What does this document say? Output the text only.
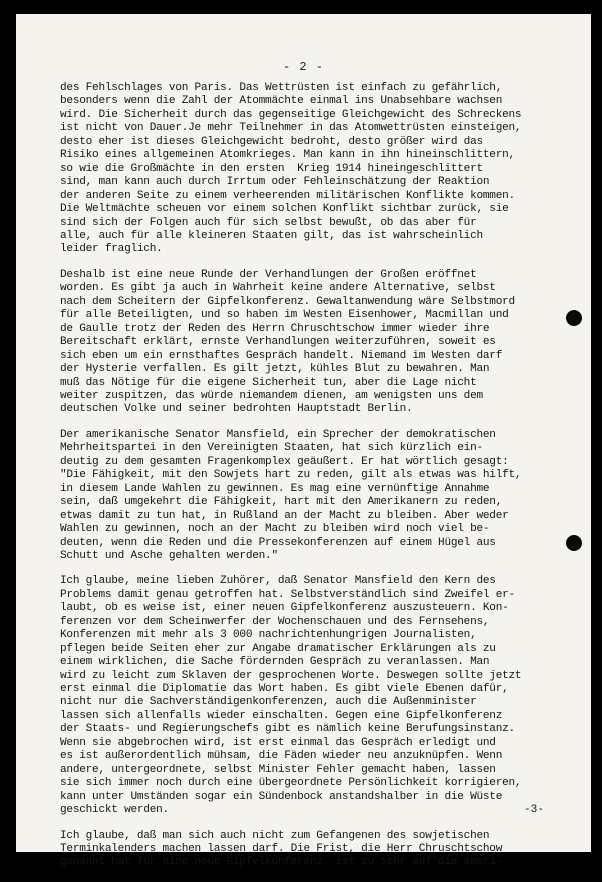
- 2 -
des Fehlschlages von Paris. Das Wettrüsten ist einfach zu gefährlich,
besonders wenn die Zahl der Atommächte einmal ins Unabsehbare wachsen
wird. Die Sicherheit durch das gegenseitige Gleichgewicht des Schreckens
ist nicht von Dauer.Je mehr Teilnehmer in das Atomwettrüsten einsteigen,
desto eher ist dieses Gleichgewicht bedroht, desto größer wird das
Risiko eines allgemeinen Atomkrieges. Man kann in ihn hineinschlittern,
so wie die Großmächte in den ersten  Krieg 1914 hineingeschlittert
sind, man kann auch durch Irrtum oder Fehleinschätzung der Reaktion
der anderen Seite zu einem verheerenden militärischen Konflikte kommen.
Die Weltmächte scheuen vor einem solchen Konflikt sichtbar zurück, sie
sind sich der Folgen auch für sich selbst bewußt, ob das aber für
alle, auch für alle kleineren Staaten gilt, das ist wahrscheinlich
leider fraglich.
Deshalb ist eine neue Runde der Verhandlungen der Großen eröffnet
worden. Es gibt ja auch in Wahrheit keine andere Alternative, selbst
nach dem Scheitern der Gipfelkonferenz. Gewaltanwendung wäre Selbstmord
für alle Beteiligten, und so haben im Westen Eisenhower, Macmillan und
de Gaulle trotz der Reden des Herrn Chruschtschow immer wieder ihre
Bereitschaft erklärt, ernste Verhandlungen weiterzuführen, soweit es
sich eben um ein ernsthaftes Gespräch handelt. Niemand im Westen darf
der Hysterie verfallen. Es gilt jetzt, kühles Blut zu bewahren. Man
muß das Nötige für die eigene Sicherheit tun, aber die Lage nicht
weiter zuspitzen, das würde niemandem dienen, am wenigsten uns dem
deutschen Volke und seiner bedrohten Hauptstadt Berlin.
Der amerikanische Senator Mansfield, ein Sprecher der demokratischen
Mehrheitspartei in den Vereinigten Staaten, hat sich kürzlich ein-
deutig zu dem gesamten Fragenkomplex geäußert. Er hat wörtlich gesagt:
"Die Fähigkeit, mit den Sowjets hart zu reden, gilt als etwas was hilft,
in diesem Lande Wahlen zu gewinnen. Es mag eine vernünftige Annahme
sein, daß umgekehrt die Fähigkeit, hart mit den Amerikanern zu reden,
etwas damit zu tun hat, in Rußland an der Macht zu bleiben. Aber weder
Wahlen zu gewinnen, noch an der Macht zu bleiben wird noch viel be-
deuten, wenn die Reden und die Pressekonferenzen auf einem Hügel aus
Schutt und Asche gehalten werden."
Ich glaube, meine lieben Zuhörer, daß Senator Mansfield den Kern des
Problems damit genau getroffen hat. Selbstverständlich sind Zweifel er-
laubt, ob es weise ist, einer neuen Gipfelkonferenz auszusteuern. Kon-
ferenzen vor dem Scheinwerfer der Wochenschauen und des Fernsehens,
Konferenzen mit mehr als 3 000 nachrichtenhungrigen Journalisten,
pflegen beide Seiten eher zur Angabe dramatischer Erklärungen als zu
einem wirklichen, die Sache fördernden Gespräch zu veranlassen. Man
wird zu leicht zum Sklaven der gesprochenen Worte. Deswegen sollte jetzt
erst einmal die Diplomatie das Wort haben. Es gibt viele Ebenen dafür,
nicht nur die Sachverständigenkonferenzen, auch die Außenminister
lassen sich allenfalls wieder einschalten. Gegen eine Gipfelkonferenz
der Staats- und Regierungschefs gibt es nämlich keine Berufungsinstanz.
Wenn sie abgebrochen wird, ist erst einmal das Gespräch erledigt und
es ist außerordentlich mühsam, die Fäden wieder neu anzuknüpfen. Wenn
andere, untergeordnete, selbst Minister Fehler gemacht haben, lassen
sie sich immer noch durch eine übergeordnete Persönlichkeit korrigieren,
kann unter Umständen sogar ein Sündenbock anstandshalber in die Wüste
geschickt werden.
Ich glaube, daß man sich auch nicht zum Gefangenen des sowjetischen
Terminkalenders machen lassen darf. Die Frist, die Herr Chruschtschow
genannt hat für eine neue Gipfelkonferenz, ist zu sehr auf die ameri-
-3-
